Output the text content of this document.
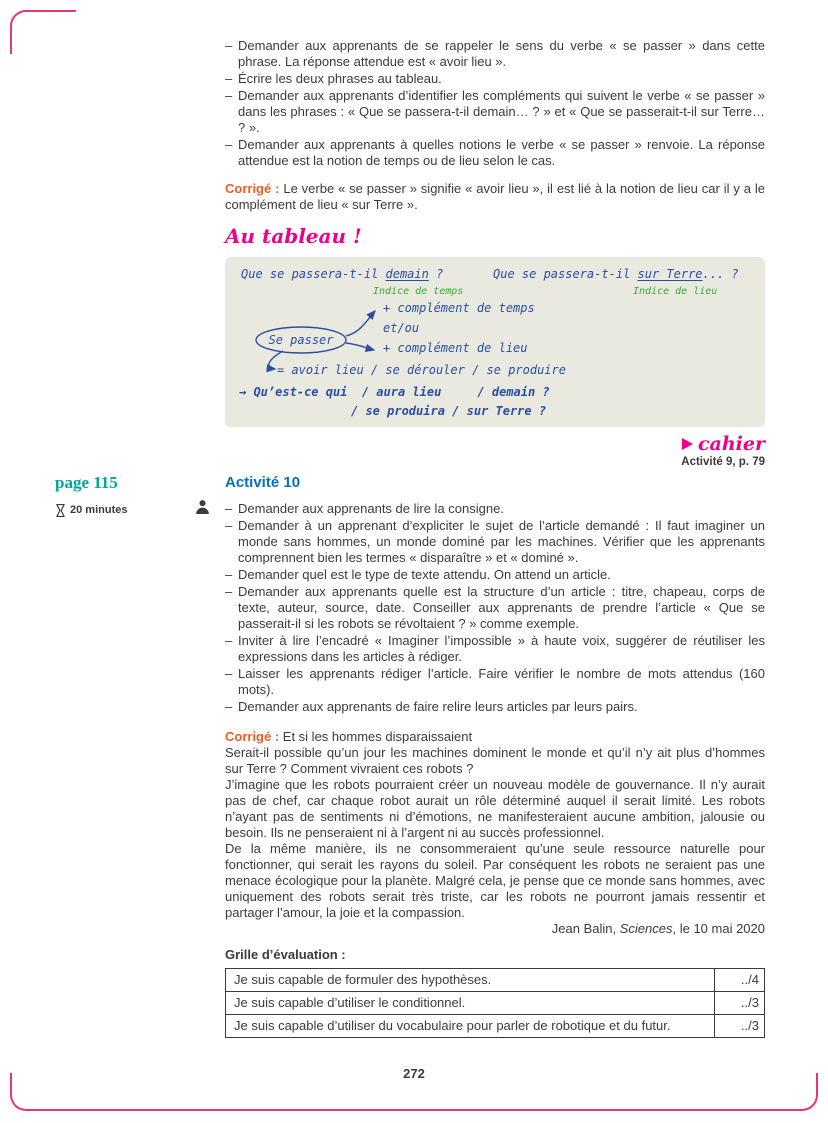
– Demander aux apprenants de se rappeler le sens du verbe « se passer » dans cette phrase. La réponse attendue est « avoir lieu ».
– Écrire les deux phrases au tableau.
– Demander aux apprenants d’identifier les compléments qui suivent le verbe « se passer » dans les phrases : « Que se passera-t-il demain… ? » et « Que se passerait-t-il sur Terre… ? ».
– Demander aux apprenants à quelles notions le verbe « se passer » renvoie. La réponse attendue est la notion de temps ou de lieu selon le cas.

Corrigé : Le verbe « se passer » signifie « avoir lieu », il est lié à la notion de lieu car il y a le complément de lieu « sur Terre ».

Au tableau !
Que se passera-t-il demain ?	Que se passera-t-il sur Terre... ?
Indice de temps	Indice de lieu
Se passer
+ complément de temps
et/ou
+ complément de lieu
= avoir lieu / se dérouler / se produire
→ Qu’est-ce qui  / aura lieu     / demain ?
/ se produira / sur Terre ?
cahier
Activité 9, p. 79
page 115
20 minutes
Activité 10
– Demander aux apprenants de lire la consigne.
– Demander à un apprenant d’expliciter le sujet de l’article demandé : Il faut imaginer un monde sans hommes, un monde dominé par les machines. Vérifier que les apprenants comprennent bien les termes « disparaître » et « dominé ».
– Demander quel est le type de texte attendu. On attend un article.
– Demander aux apprenants quelle est la structure d’un article : titre, chapeau, corps de texte, auteur, source, date. Conseiller aux apprenants de prendre l’article « Que se passerait-il si les robots se révoltaient ? » comme exemple.
– Inviter à lire l’encadré « Imaginer l’impossible » à haute voix, suggérer de réutiliser les expressions dans les articles à rédiger.
– Laisser les apprenants rédiger l’article. Faire vérifier le nombre de mots attendus (160 mots).
– Demander aux apprenants de faire relire leurs articles par leurs pairs.

Corrigé : Et si les hommes disparaissaient

Serait-il possible qu’un jour les machines dominent le monde et qu’il n’y ait plus d’hommes sur Terre ? Comment vivraient ces robots ?

J’imagine que les robots pourraient créer un nouveau modèle de gouvernance. Il n’y aurait pas de chef, car chaque robot aurait un rôle déterminé auquel il serait limité. Les robots n’ayant pas de sentiments ni d’émotions, ne manifesteraient aucune ambition, jalousie ou besoin. Ils ne penseraient ni à l’argent ni au succès professionnel.

De la même manière, ils ne consommeraient qu’une seule ressource naturelle pour fonctionner, qui serait les rayons du soleil. Par conséquent les robots ne seraient pas une menace écologique pour la planète. Malgré cela, je pense que ce monde sans hommes, avec uniquement des robots serait très triste, car les robots ne pourront jamais ressentir et partager l’amour, la joie et la compassion.

Jean Balin, Sciences, le 10 mai 2020

Grille d’évaluation :

Je suis capable de formuler des hypothèses.	../4
Je suis capable d’utiliser le conditionnel.	../3
Je suis capable d’utiliser du vocabulaire pour parler de robotique et du futur.	../3
272
